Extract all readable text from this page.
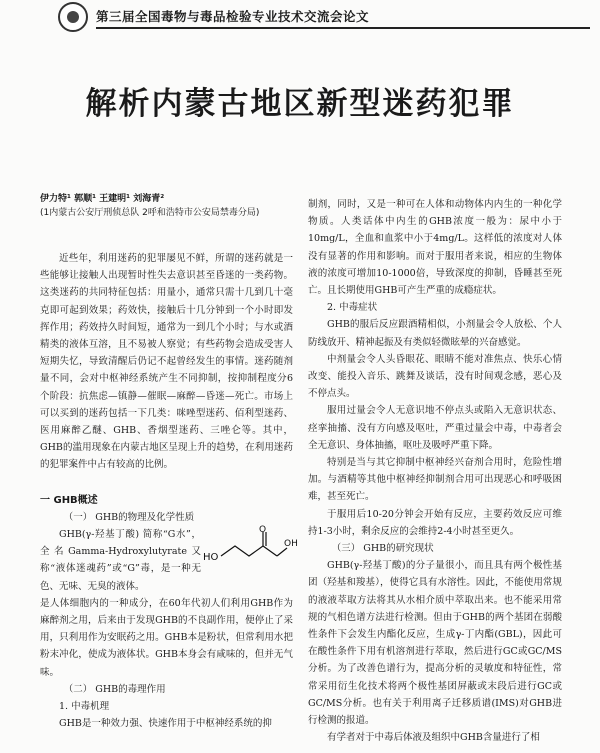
第三届全国毒物与毒品检验专业技术交流会论文
解析内蒙古地区新型迷药犯罪
伊力特¹ 郭顺¹ 王建明¹ 刘海青²
(1内蒙古公安厅刑侦总队 2呼和浩特市公安局禁毒分局)

近些年，利用迷药的犯罪屡见不鲜，所谓的迷药就是一些能够让接触人出现暂时性失去意识甚至昏迷的一类药物。这类迷药的共同特征包括：用量小，通常只需十几到几十毫克即可起到效果；药效快，接触后十几分钟到一个小时即发挥作用；药效持久时间短，通常为一到几个小时；与水或酒精类的液体互溶，且不易被人察觉；有些药物会造成受害人短期失忆，导致清醒后仍记不起曾经发生的事情。迷药随剂量不同，会对中枢神经系统产生不同抑制，按抑制程度分6个阶段：抗焦虑—镇静—催眠—麻醉—昏迷—死亡。市场上可以买到的迷药包括一下几类：咪唑型迷药、佰利型迷药、医用麻醉乙醚、GHB、香烟型迷药、三唑仑等。其中，GHB的滥用现象在内蒙古地区呈现上升的趋势，在利用迷药的犯罪案件中占有较高的比例。

一 GHB概述

（一） GHB的物理及化学性质

GHB(γ-羟基丁酸) 简称“G水”，全名Gamma-Hydroxylutyrate又称“液体迷魂药”或“G”毒，是一种无色、无味、无臭的液体。

HO
O
OH

是人体细胞内的一种成分，在60年代初人们利用GHB作为麻醉剂之用，后来由于发现GHB的不良副作用，便停止了采用，只利用作为安眠药之用。GHB本是粉状，但常利用水把粉末冲化，使成为液体状。GHB本身会有咸味的，但并无气味。

（二） GHB的毒理作用

1. 中毒机理

GHB是一种效力强、快速作用于中枢神经系统的抑

制剂，同时，又是一种可在人体和动物体内内生的一种化学物质。人类话体中内生的GHB浓度一般为：尿中小于10mg/L，全血和血浆中小于4mg/L。这样低的浓度对人体没有显著的作用和影响。而对于服用者来说，相应的生物体液的浓度可增加10-1000倍，导致深度的抑制，昏睡甚至死亡。且长期使用GHB可产生严重的成瘾症状。

2. 中毒症状

GHB的服后反应跟酒精相似，小剂量会令人放松、个人防线放开、精神起振及有类似轻微眩晕的兴奋感觉。

中剂量会令人头昏眼花、眼睛不能对准焦点、快乐心情改变、能投入音乐、跳舞及谈话，没有时间观念感，恶心及不停点头。

服用过量会令人无意识地不停点头或陷入无意识状态、痉挛抽搐、没有方向感及呕吐，严重过量会中毒，中毒者会全无意识、身体抽搐，呕吐及吸呼严重下降。

特别是当与其它抑制中枢神经兴奋剂合用时，危险性增加。与酒精等其他中枢神经抑制剂合用可出现恶心和呼吸困难，甚至死亡。

于服用后10-20分钟会开始有反应，主要药效反应可维持1-3小时，剩余反应的会维持2-4小时甚至更久。

（三） GHB的研究现状

GHB(γ-羟基丁酸)的分子量很小，而且具有两个极性基团（羟基和羧基），使得它具有水溶性。因此，不能使用常规的液液萃取方法将其从水相介质中萃取出来。也不能采用常规的气相色谱方法进行检测。但由于GHB的两个基团在弱酸性条件下会发生内酯化反应，生成γ-丁内酯(GBL)，因此可在酸性条件下用有机溶剂进行萃取，然后进行GC或GC/MS分析。为了改善色谱行为，提高分析的灵敏度和特征性，常常采用衍生化技术将两个极性基团屏蔽或末段后进行GC或GC/MS分析。也有关于利用离子迁移质谱(IMS)对GHB进行检测的报道。

有学者对于中毒后体液及组织中GHB含量进行了相
